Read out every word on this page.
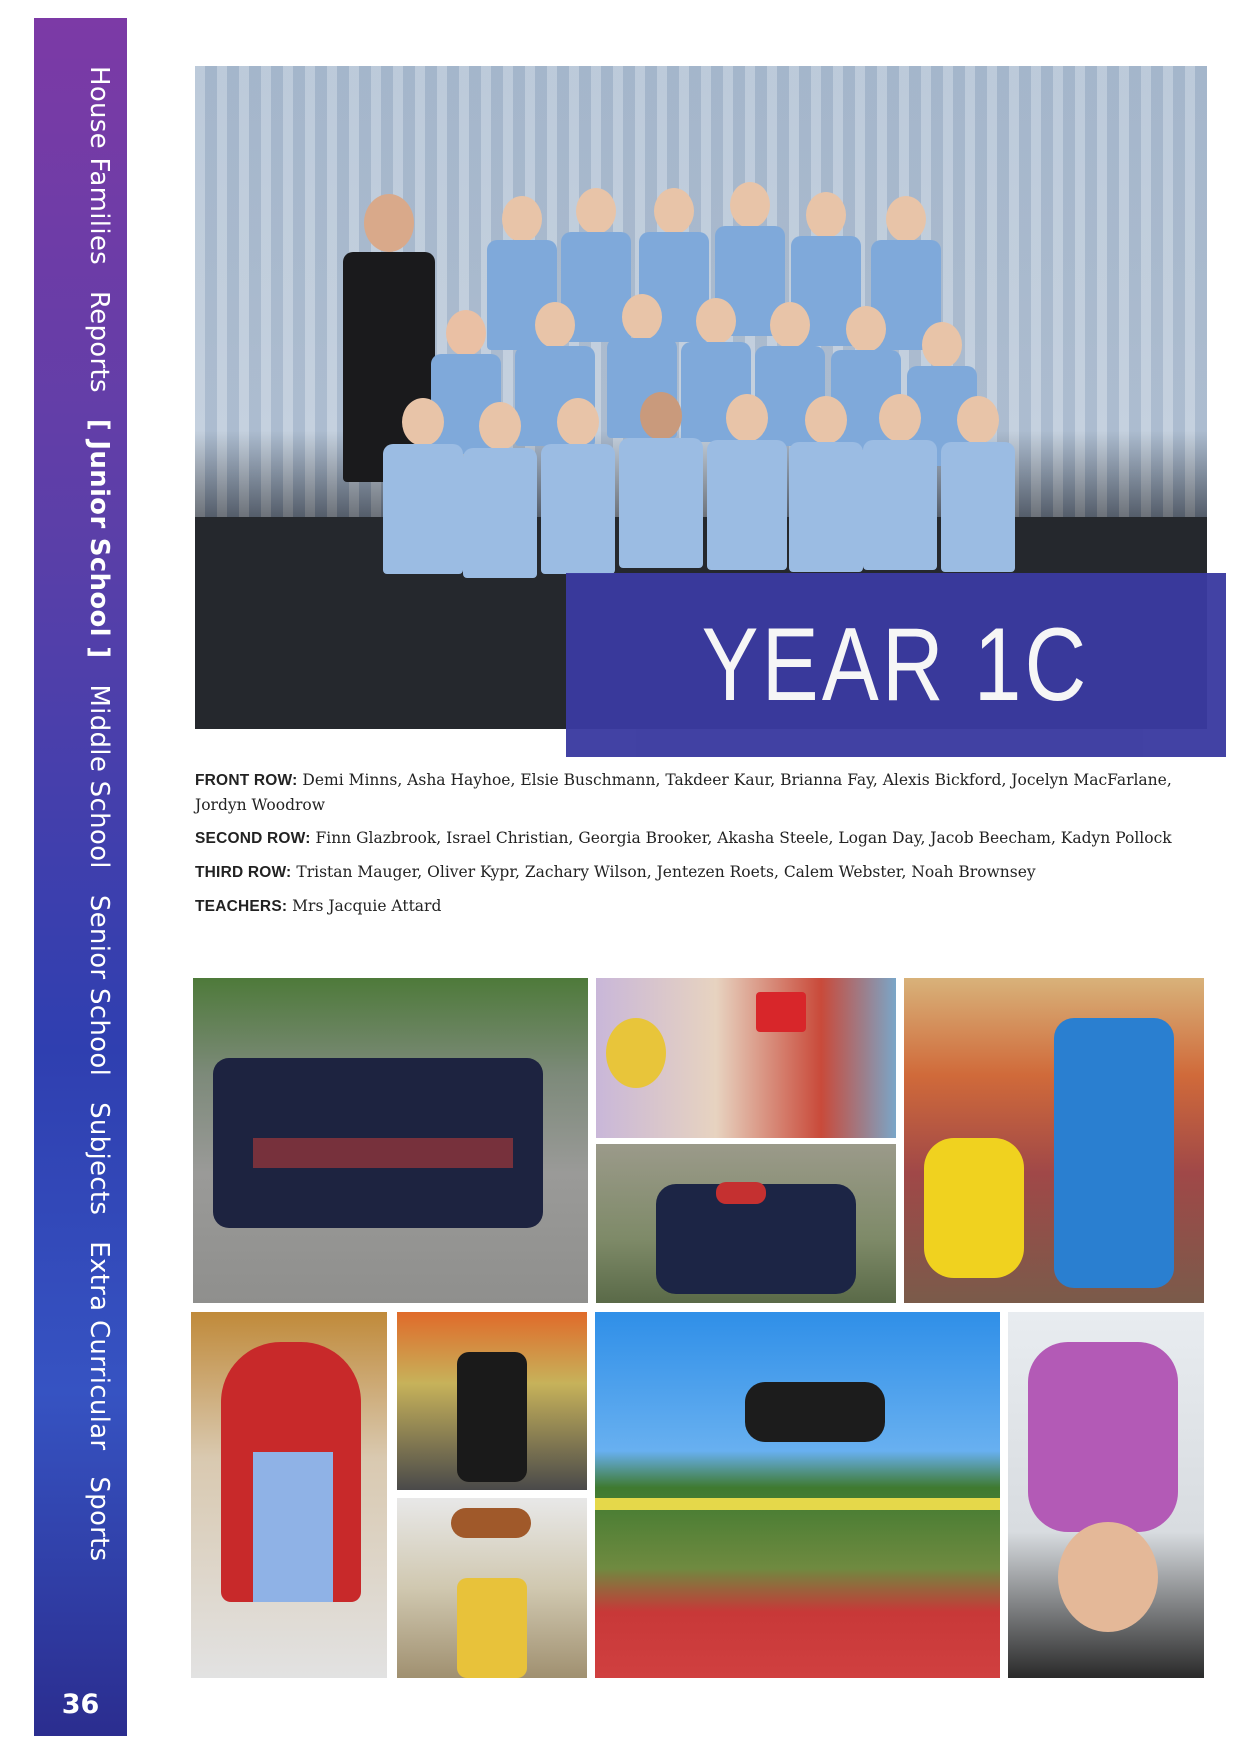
House Families
Reports
[ Junior School ]
Middle School
Senior School
Subjects
Extra Curricular
Sports
36
YEAR 1C

FRONT ROW: Demi Minns, Asha Hayhoe, Elsie Buschmann, Takdeer Kaur, Brianna Fay, Alexis Bickford, Jocelyn MacFarlane, Jordyn Woodrow

SECOND ROW: Finn Glazbrook, Israel Christian, Georgia Brooker, Akasha Steele, Logan Day, Jacob Beecham, Kadyn Pollock

THIRD ROW: Tristan Mauger, Oliver Kypr, Zachary Wilson, Jentezen Roets, Calem Webster, Noah Brownsey

TEACHERS: Mrs Jacquie Attard
